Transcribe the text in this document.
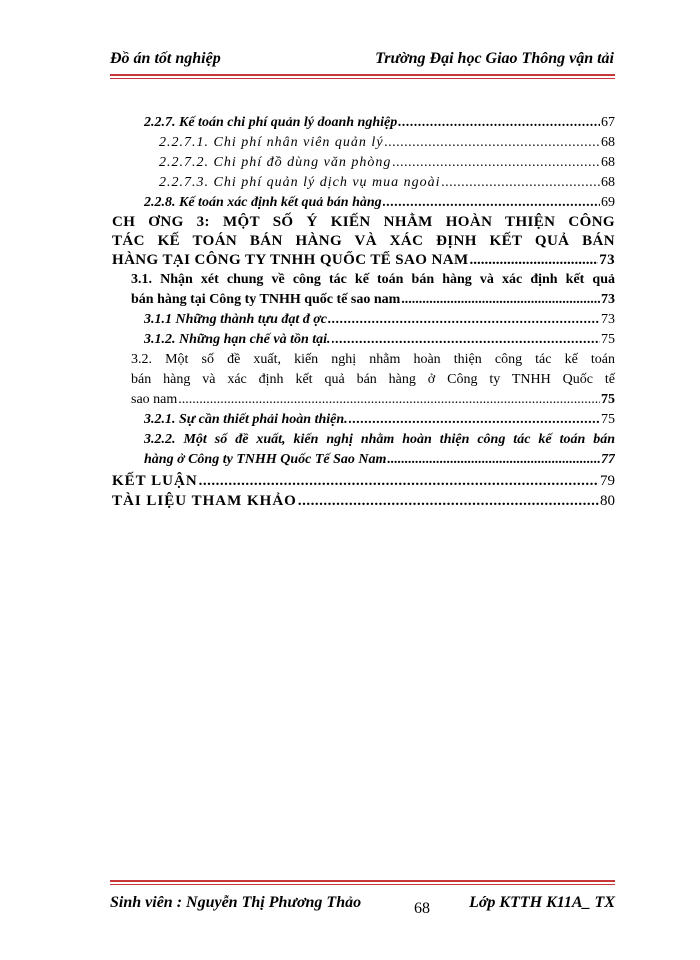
Đồ án tốt nghiệp	Trường Đại học Giao Thông vận tải
2.2.7. Kế toán chi phí quản lý doanh nghiệp .....	67
2.2.7.1. Chi phí nhân viên quản lý .....	68
2.2.7.2. Chi phí đồ dùng văn phòng .....	68
2.2.7.3. Chi phí quản lý dịch vụ mua ngoài .....	68
2.2.8. Kế toán xác định kết quả bán hàng .....	69
CH ƠNG 3: MỘT SỐ Ý KIẾN NHẰM HOÀN THIỆN CÔNG
TÁC KẾ TOÁN BÁN HÀNG VÀ XÁC ĐỊNH KẾT QUẢ BÁN
HÀNG TẠI CÔNG TY TNHH QUỐC TẾ SAO NAM .....	73
3.1. Nhận xét chung về công tác kế toán bán hàng và xác định kết quả
bán hàng tại Công ty TNHH quốc tế sao nam .....	73
3.1.1 Những thành tựu đạt đ ợc .....	73
3.1.2. Những hạn chế và tồn tại. .....	75
3.2. Một số đề xuất, kiến nghị nhằm hoàn thiện công tác kế toán
bán hàng và xác định kết quả bán hàng ở Công ty TNHH Quốc tế
sao nam .....	75
3.2.1. Sự cần thiết phải hoàn thiện. .....	75
3.2.2. Một số đề xuất, kiến nghị nhằm hoàn thiện công tác kế toán bán
hàng ở Công ty TNHH Quốc Tế Sao Nam .....	77
KẾT LUẬN .....	79
TÀI LIỆU THAM KHẢO .....	80
Sinh viên : Nguyễn Thị Phương Thảo	68 Lớp KTTH K11A_ TX
